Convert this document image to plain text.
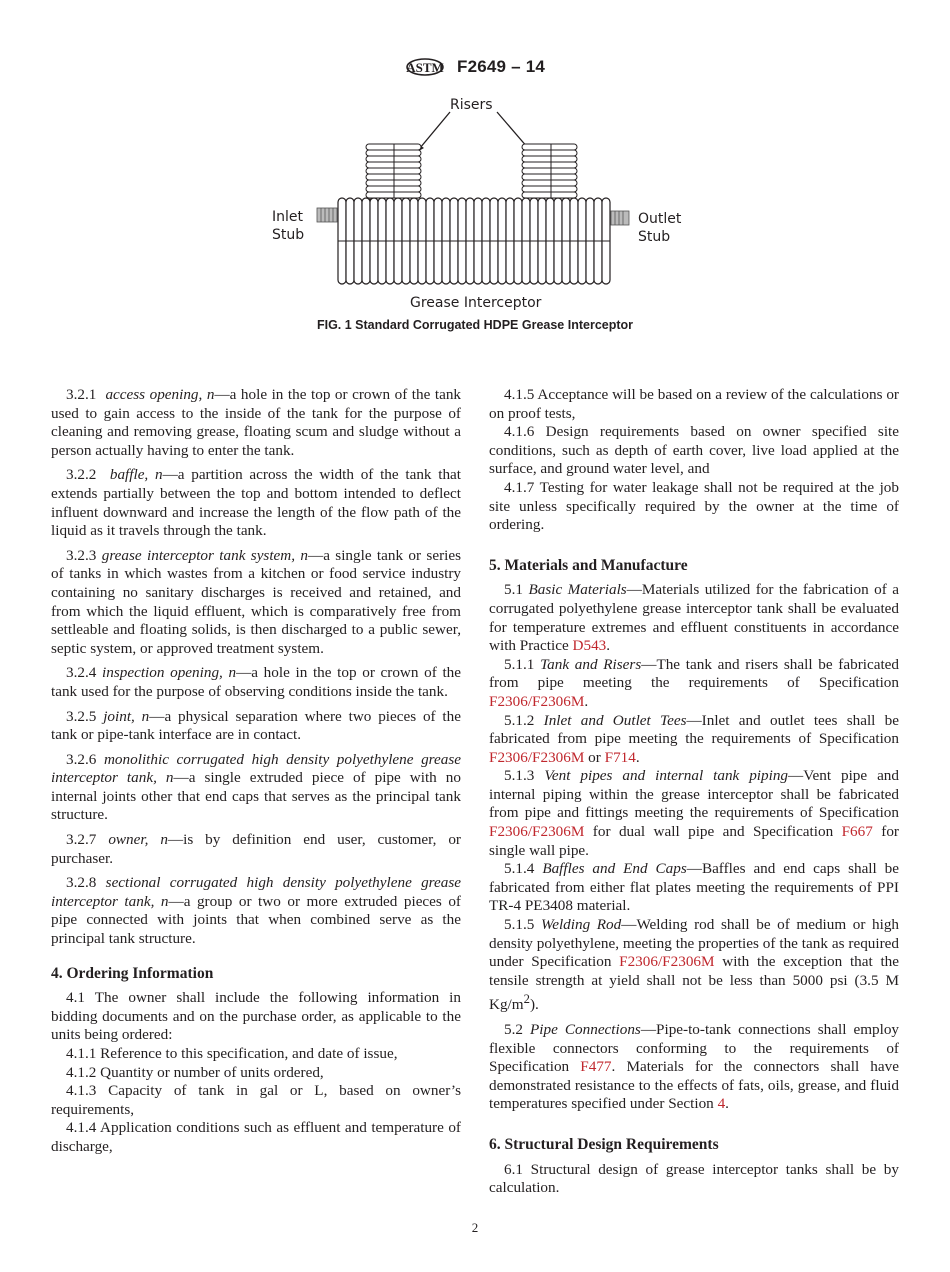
ASTM F2649 – 14
Risers
Inlet
Stub
Outlet
Stub
Grease Interceptor
FIG. 1 Standard Corrugated HDPE Grease Interceptor

3.2.1 access opening, n—a hole in the top or crown of the tank used to gain access to the inside of the tank for the purpose of cleaning and removing grease, floating scum and sludge without a person actually having to enter the tank.

3.2.2 baffle, n—a partition across the width of the tank that extends partially between the top and bottom intended to deflect influent downward and increase the length of the flow path of the liquid as it travels through the tank.

3.2.3 grease interceptor tank system, n—a single tank or series of tanks in which wastes from a kitchen or food service industry containing no sanitary discharges is received and retained, and from which the liquid effluent, which is comparatively free from settleable and floating solids, is then discharged to a public sewer, septic system, or approved treatment system.

3.2.4 inspection opening, n—a hole in the top or crown of the tank used for the purpose of observing conditions inside the tank.

3.2.5 joint, n—a physical separation where two pieces of the tank or pipe-tank interface are in contact.

3.2.6 monolithic corrugated high density polyethylene grease interceptor tank, n—a single extruded piece of pipe with no internal joints other that end caps that serves as the principal tank structure.

3.2.7 owner, n—is by definition end user, customer, or purchaser.

3.2.8 sectional corrugated high density polyethylene grease interceptor tank, n—a group or two or more extruded pieces of pipe connected with joints that when combined serve as the principal tank structure.

4. Ordering Information

4.1 The owner shall include the following information in bidding documents and on the purchase order, as applicable to the units being ordered:

4.1.1 Reference to this specification, and date of issue,

4.1.2 Quantity or number of units ordered,

4.1.3 Capacity of tank in gal or L, based on owner’s requirements,

4.1.4 Application conditions such as effluent and temperature of discharge,

4.1.5 Acceptance will be based on a review of the calculations or on proof tests,

4.1.6 Design requirements based on owner specified site conditions, such as depth of earth cover, live load applied at the surface, and ground water level, and

4.1.7 Testing for water leakage shall not be required at the job site unless specifically required by the owner at the time of ordering.

5. Materials and Manufacture

5.1 Basic Materials—Materials utilized for the fabrication of a corrugated polyethylene grease interceptor tank shall be evaluated for temperature extremes and effluent constituents in accordance with Practice D543.

5.1.1 Tank and Risers—The tank and risers shall be fabricated from pipe meeting the requirements of Specification F2306/F2306M.

5.1.2 Inlet and Outlet Tees—Inlet and outlet tees shall be fabricated from pipe meeting the requirements of Specification F2306/F2306M or F714.

5.1.3 Vent pipes and internal tank piping—Vent pipe and internal piping within the grease interceptor shall be fabricated from pipe and fittings meeting the requirements of Specification F2306/F2306M for dual wall pipe and Specification F667 for single wall pipe.

5.1.4 Baffles and End Caps—Baffles and end caps shall be fabricated from either flat plates meeting the requirements of PPI TR-4 PE3408 material.

5.1.5 Welding Rod—Welding rod shall be of medium or high density polyethylene, meeting the properties of the tank as required under Specification F2306/F2306M with the exception that the tensile strength at yield shall not be less than 5000 psi (3.5 M $Kg/m^2$).

5.2 Pipe Connections—Pipe-to-tank connections shall employ flexible connectors conforming to the requirements of Specification F477. Materials for the connectors shall have demonstrated resistance to the effects of fats, oils, grease, and fluid temperatures specified under Section 4.

6. Structural Design Requirements

6.1 Structural design of grease interceptor tanks shall be by calculation.

2
